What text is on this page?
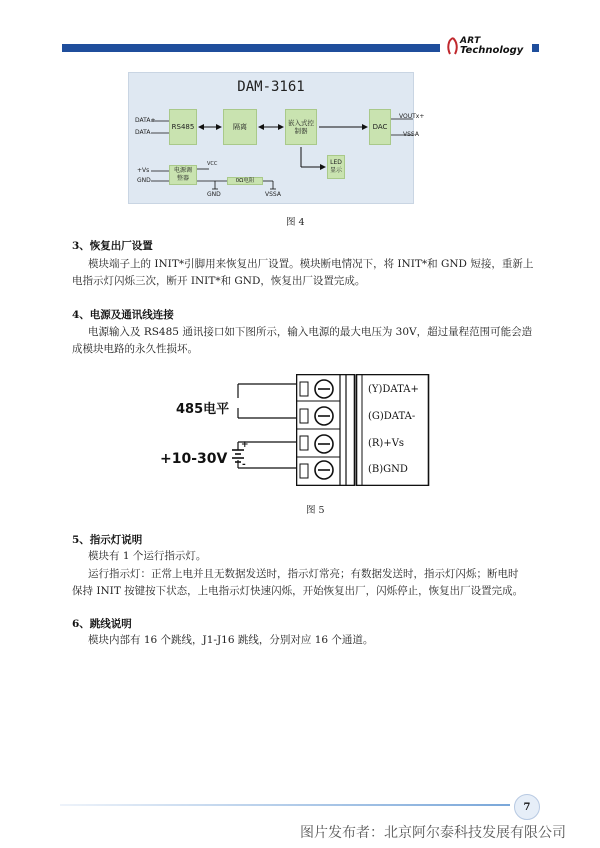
ART
Technology
DAM-3161
RS485	隔离	嵌入式控制器	DAC
LED显示
电源调整器	0Ω电阻
DATA+
DATA
+Vs
GND
VCC
GND	VSSA
VOUTx+
VSSA
图 4
3、恢复出厂设置
模块端子上的 INIT*引脚用来恢复出厂设置。模块断电情况下，将 INIT*和 GND 短接，重新上
电指示灯闪烁三次，断开 INIT*和 GND，恢复出厂设置完成。
4、电源及通讯线连接
电源输入及 RS485 通讯接口如下图所示，输入电源的最大电压为 30V，超过量程范围可能会造
成模块电路的永久性损坏。
485电平
+10-30V
+
-
(Y)DATA+
(G)DATA-
(R)+Vs
(B)GND
图 5
5、指示灯说明
模块有 1 个运行指示灯。
运行指示灯：正常上电并且无数据发送时，指示灯常亮；有数据发送时，指示灯闪烁；断电时
保持 INIT 按键按下状态，上电指示灯快速闪烁，开始恢复出厂，闪烁停止，恢复出厂设置完成。
6、跳线说明
模块内部有 16 个跳线，J1-J16 跳线，分别对应 16 个通道。
7
图片发布者：北京阿尔泰科技发展有限公司
